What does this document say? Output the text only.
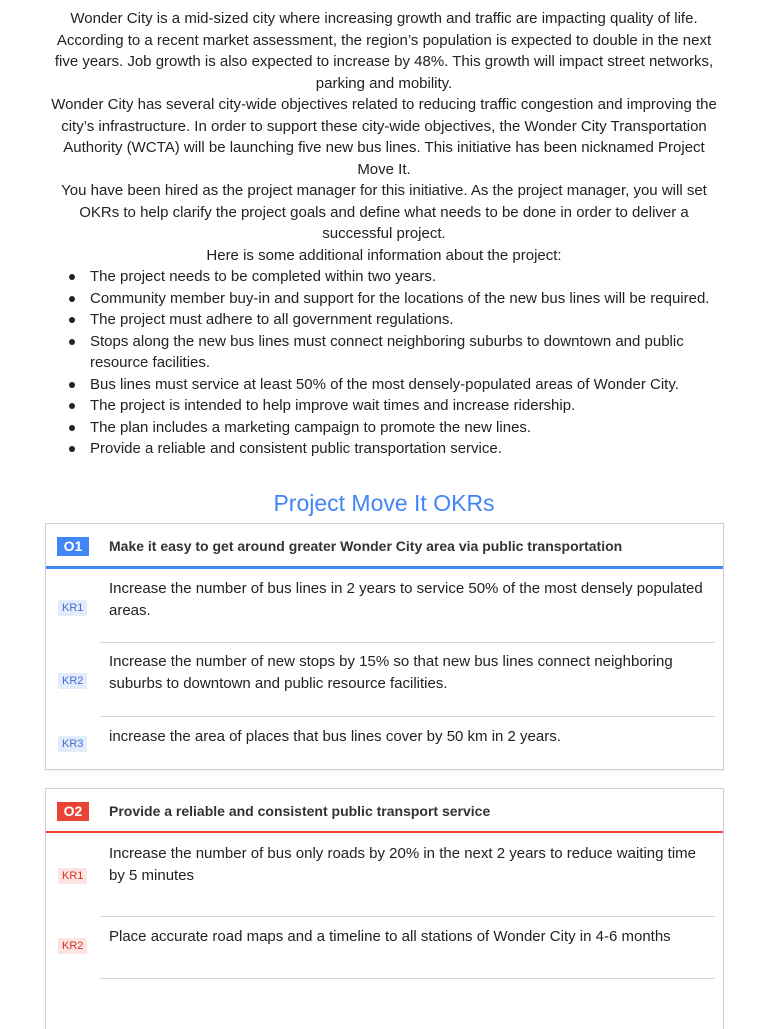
Wonder City is a mid-sized city where increasing growth and traffic are impacting quality of life. According to a recent market assessment, the region’s population is expected to double in the next five years. Job growth is also expected to increase by 48%. This growth will impact street networks, parking and mobility.

Wonder City has several city-wide objectives related to reducing traffic congestion and improving the city’s infrastructure. In order to support these city-wide objectives, the Wonder City Transportation Authority (WCTA) will be launching five new bus lines. This initiative has been nicknamed Project Move It.

You have been hired as the project manager for this initiative. As the project manager, you will set OKRs to help clarify the project goals and define what needs to be done in order to deliver a successful project.

Here is some additional information about the project:

The project needs to be completed within two years.
Community member buy-in and support for the locations of the new bus lines will be required.
The project must adhere to all government regulations.
Stops along the new bus lines must connect neighboring suburbs to downtown and public resource facilities.
Bus lines must service at least 50% of the most densely-populated areas of Wonder City.
The project is intended to help improve wait times and increase ridership.
The plan includes a marketing campaign to promote the new lines.
Provide a reliable and consistent public transportation service.
Project Move It OKRs
O1	Make it easy to get around greater Wonder City area via public transportation
KR1
Increase the number of bus lines in 2 years to service 50% of the most densely populated areas.
KR2
Increase the number of new stops by 15% so that new bus lines connect neighboring suburbs to downtown and public resource facilities.
KR3 increase the area of places that bus lines cover by 50 km in 2 years.
O2	Provide a reliable and consistent public transport service
KR1
Increase the number of bus only roads by 20% in the next 2 years to reduce waiting time by 5 minutes
KR2
Place accurate road maps and a timeline to all stations of Wonder City in 4-6 months
